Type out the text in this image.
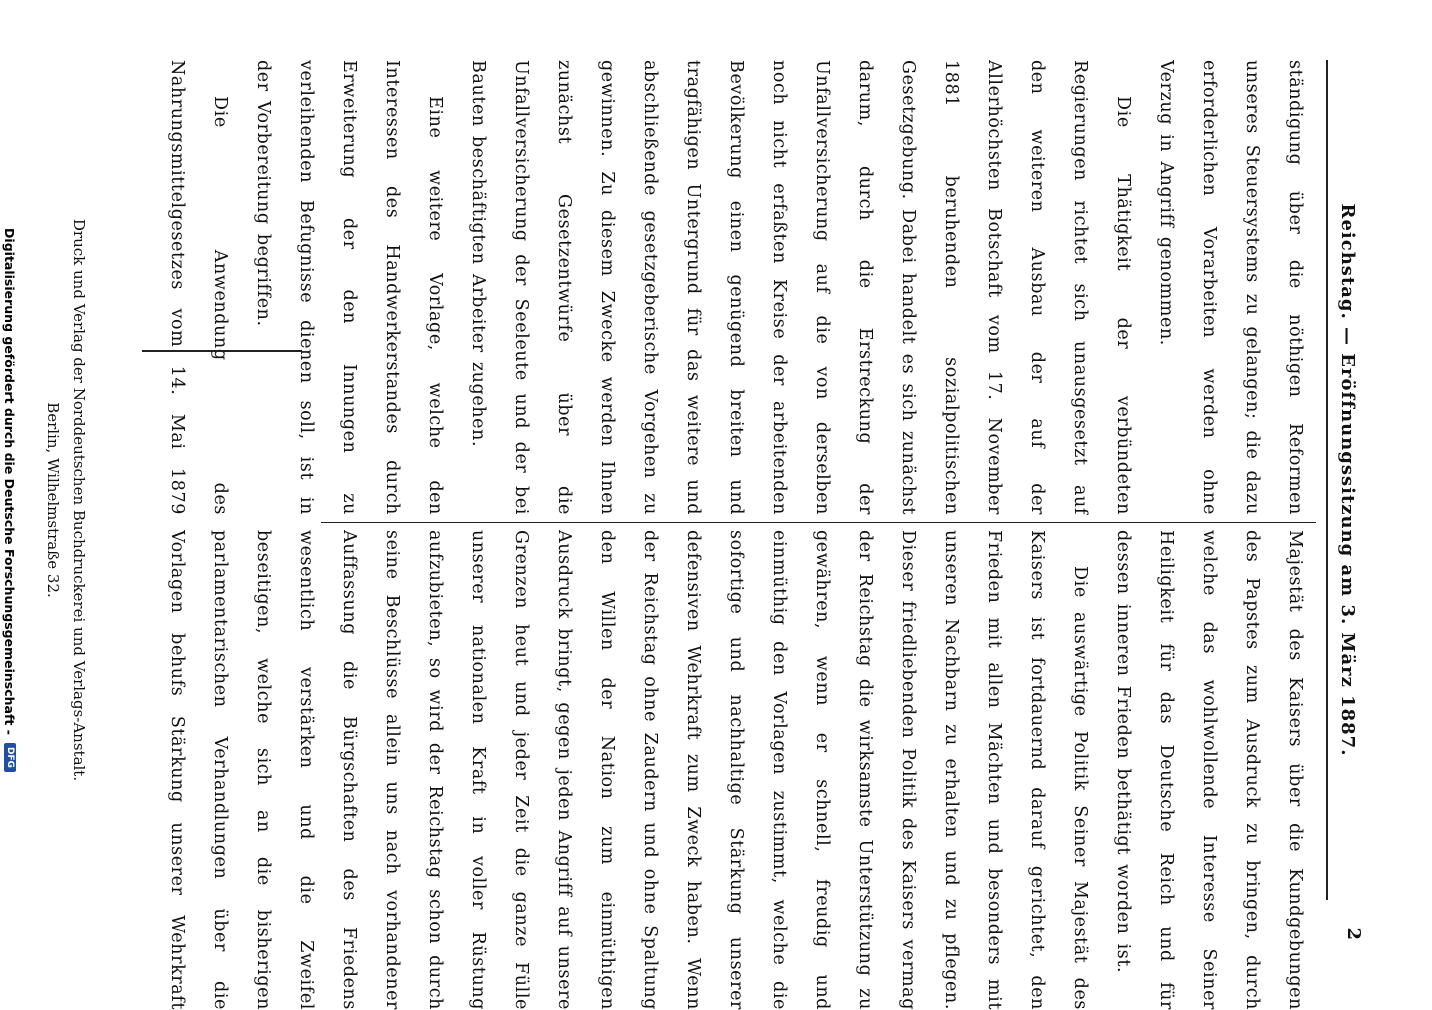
Reichstag. — Eröffnungssitzung am 3. März 1887.
2

ständigung über die nöthigen Reformen unseres Steuersystems zu gelangen; die dazu erforderlichen Vorarbeiten werden ohne Verzug in Angriff genommen.

Die Thätigkeit der verbündeten Regierungen richtet sich unausgesetzt auf den weiteren Ausbau der auf der Allerhöchsten Botschaft vom 17. November 1881 beruhenden sozialpolitischen Gesetzgebung. Dabei handelt es sich zunächst darum, durch die Erstreckung der Unfallversicherung auf die von derselben noch nicht erfaßten Kreise der arbeitenden Bevölkerung einen genügend breiten und tragfähigen Untergrund für das weitere und abschließende gesetzgeberische Vorgehen zu gewinnen. Zu diesem Zwecke werden Ihnen zunächst Gesetzentwürfe über die Unfallversicherung der Seeleute und der bei Bauten beschäftigten Arbeiter zugehen.

Eine weitere Vorlage, welche den Interessen des Handwerkerstandes durch Erweiterung der den Innungen zu verleihenden Befugnisse dienen soll, ist in der Vorbereitung begriffen.

Die Anwendung des Nahrungsmittelgesetzes vom 14. Mai 1879

Majestät des Kaisers über die Kundgebungen des Papstes zum Ausdruck zu bringen, durch welche das wohlwollende Interesse Seiner Heiligkeit für das Deutsche Reich und für dessen inneren Frieden bethätigt worden ist.

Die auswärtige Politik Seiner Majestät des Kaisers ist fortdauernd darauf gerichtet, den Frieden mit allen Mächten und besonders mit unseren Nachbarn zu erhalten und zu pflegen. Dieser friedliebenden Politik des Kaisers vermag der Reichstag die wirksamste Unterstützung zu gewähren, wenn er schnell, freudig und einmüthig den Vorlagen zustimmt, welche die sofortige und nachhaltige Stärkung unserer defensiven Wehrkraft zum Zweck haben. Wenn der Reichstag ohne Zaudern und ohne Spaltung den Willen der Nation zum einmüthigen Ausdruck bringt, gegen jeden Angriff auf unsere Grenzen heut und jeder Zeit die ganze Fülle unserer nationalen Kraft in voller Rüstung aufzubieten, so wird der Reichstag schon durch seine Beschlüsse allein uns nach vorhandener Auffassung die Bürgschaften des Friedens wesentlich verstärken und die Zweifel beseitigen, welche sich an die bisherigen parlamentarischen Verhandlungen über die Vorlagen behufs Stärkung unserer Wehrkraft

Druck und Verlag der Norddeutschen Buchdruckerei und Verlags-Anstalt.
Berlin, Wilhelmstraße 32.
Digitalisierung gefördert durch die Deutsche Forschungsgemeinschaft -
DFG
